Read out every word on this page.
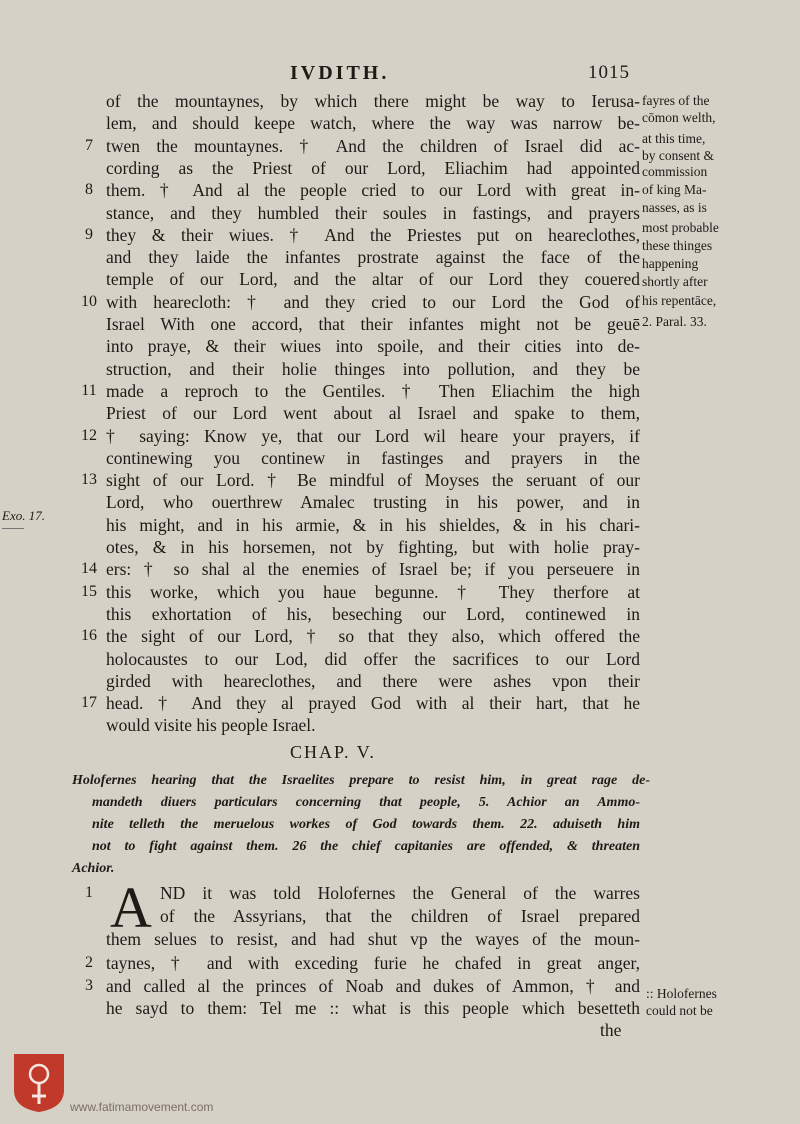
IVDITH.	1015
of the mountaynes, by which there might be way to Ierusa-
lem, and should keepe watch, where the way was narrow be-
twen the mountaynes. † And the children of Israel did ac-
7
cording as the Priest of our Lord, Eliachim had appointed
them. † And al the people cried to our Lord with great in-
8
stance, and they humbled their soules in fastings, and prayers
they & their wiues. † And the Priestes put on heareclothes,
9
and they laide the infantes prostrate against the face of the
temple of our Lord, and the altar of our Lord they couered
with hearecloth: † and they cried to our Lord the God of
10
Israel With one accord, that their infantes might not be geuē
into praye, & their wiues into spoile, and their cities into de-
struction, and their holie thinges into pollution, and they be
made a reproch to the Gentiles. † Then Eliachim the high
11
Priest of our Lord went about al Israel and spake to them,
† saying: Know ye, that our Lord wil heare your prayers, if
12
continewing you continew in fastinges and prayers in the
sight of our Lord. † Be mindful of Moyses the seruant of our
13
Lord, who ouerthrew Amalec trusting in his power, and in
his might, and in his armie, & in his shieldes, & in his chari-
otes, & in his horsemen, not by fighting, but with holie pray-
ers: † so shal al the enemies of Israel be; if you perseuere in
14
this worke, which you haue begunne. † They therfore at
15
this exhortation of his, beseching our Lord, continewed in
the sight of our Lord, † so that they also, which offered the
16
holocaustes to our Lod, did offer the sacrifices to our Lord
girded with heareclothes, and there were ashes vpon their
head. † And they al prayed God with al their hart, that he
17
would visite his people Israel.
fayres of the
cōmon welth,
at this time,
by consent &
commission
of king Ma-
nasses, as is
most probable
these thinges
happening
shortly after
his repentāce,
2. Paral. 33.
Exo. 17.
CHAP. V.
Holofernes hearing that the Israelites prepare to resist him, in great rage de-
mandeth diuers particulars concerning that people, 5. Achior an Ammo-
nite telleth the meruelous workes of God towards them. 22. aduiseth him
not to fight against them. 26 the chief capitanies are offended, & threaten
Achior.
A ND it was told Holofernes the General of the warres
1
of the Assyrians, that the children of Israel prepared
them selues to resist, and had shut vp the wayes of the moun-
taynes, † and with exceding furie he chafed in great anger,
2
and called al the princes of Noab and dukes of Ammon, † and
3
he sayd to them: Tel me :: what is this people which besetteth
:: Holofernes
could not be
the
www.fatimamovement.com
